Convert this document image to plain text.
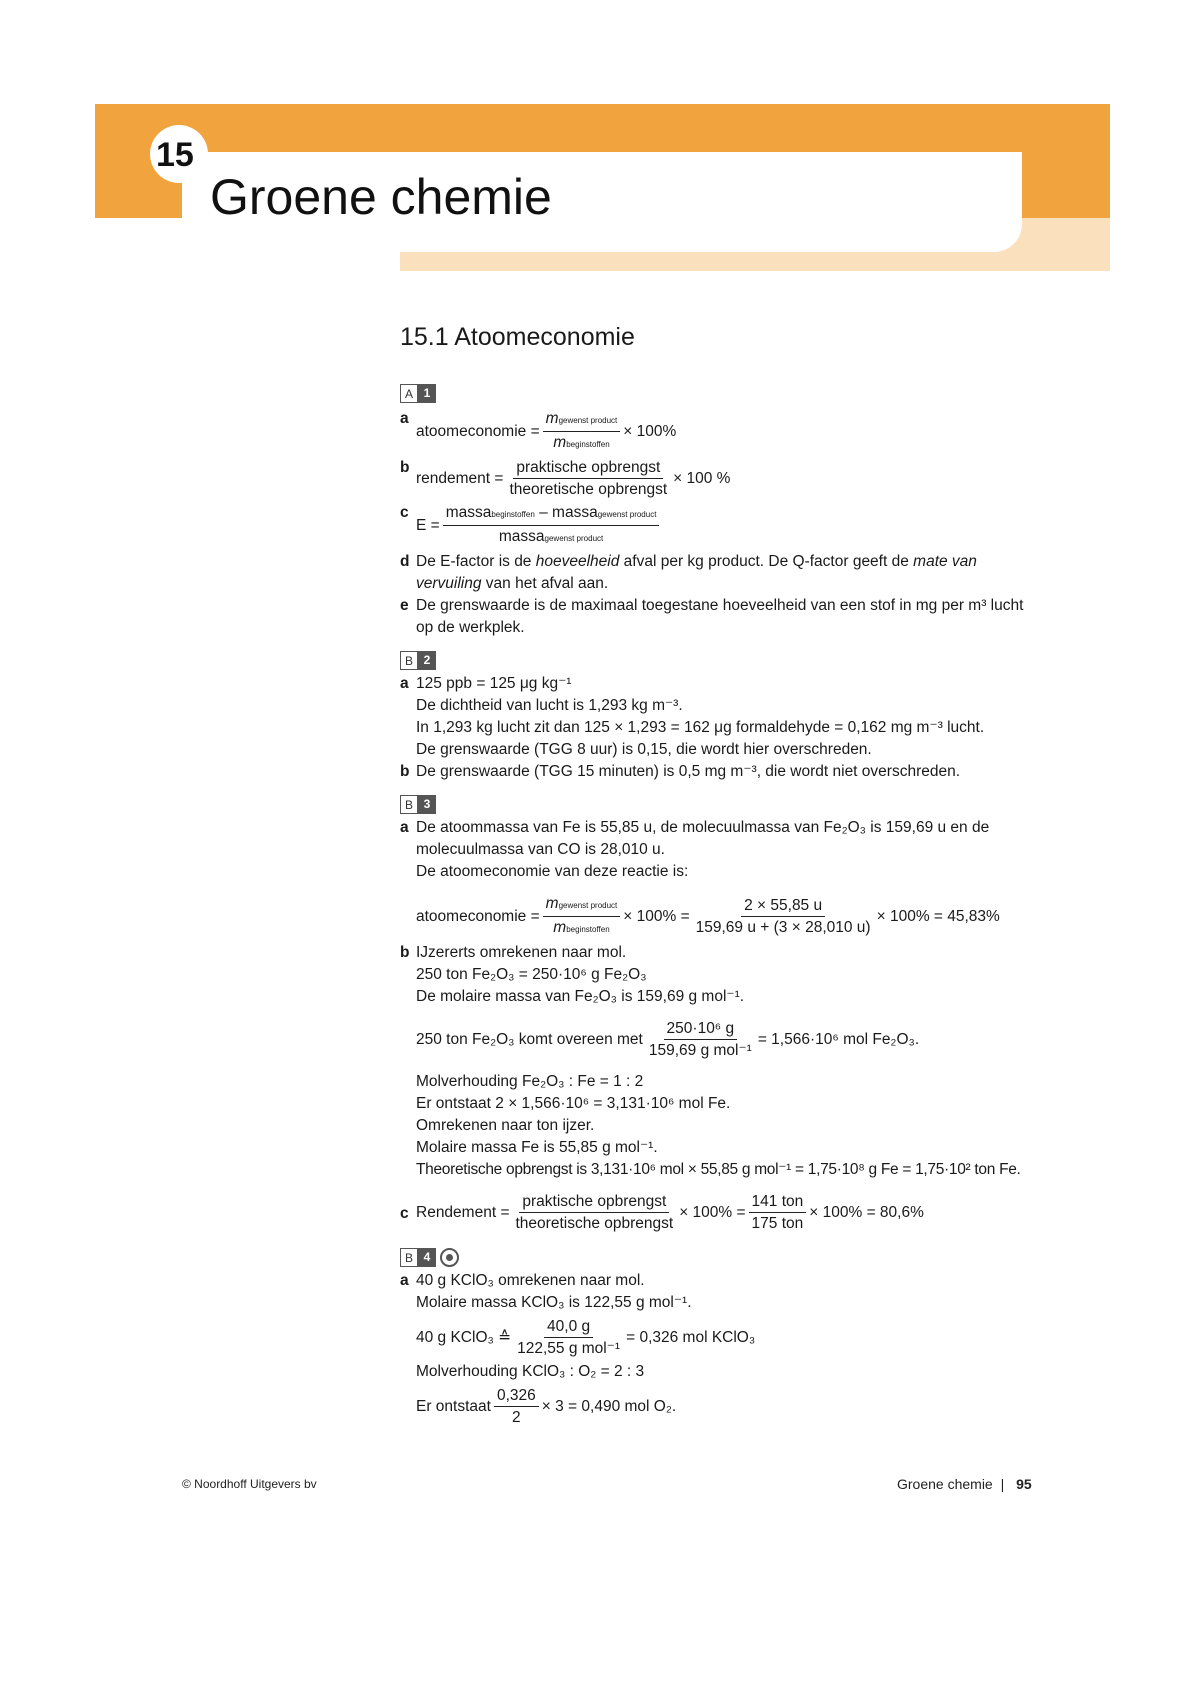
15
Groene chemie
15.1 Atoomeconomie
A 1
a
atoomeconomie = $\frac{\text{mgewenst product}}{\text{mbeginstoffen}} \times 100\%$
b
rendement = $\frac{\text{praktische opbrengst}}{\text{theoretische opbrengst}} \times 100$ %
c
$E = \frac{\text{massabeginstoffen – massagewenst product}}{\text{massagewenst product}}$
d De E-factor is de hoeveelheid afval per kg product. De Q-factor geeft de mate van
vervuiling van het afval aan.
e De grenswaarde is de maximaal toegestane hoeveelheid van een stof in mg per m³ lucht
op de werkplek.
B 2
a 125 ppb = 125 μg kg⁻¹
De dichtheid van lucht is 1,293 kg m⁻³.
In 1,293 kg lucht zit dan 125 × 1,293 = 162 μg formaldehyde = 0,162 mg m⁻³ lucht.
De grenswaarde (TGG 8 uur) is 0,15, die wordt hier overschreden.
b De grenswaarde (TGG 15 minuten) is 0,5 mg m⁻³, die wordt niet overschreden.
B 3
a De atoommassa van Fe is 55,85 u, de molecuulmassa van Fe₂O₃ is 159,69 u en de
molecuulmassa van CO is 28,010 u.
De atoomeconomie van deze reactie is:
atoomeconomie = $\frac{\text{mgewenst product}}{\text{mbeginstoffen}} \times 100\% = \frac{2 \times 55,85 u}{159,69 u + (3 \times 28,010 u)} \times 100\% = 45,83\%$
b IJzererts omrekenen naar mol.
250 ton Fe₂O₃ = 250·10⁶ g Fe₂O₃
De molaire massa van Fe₂O₃ is 159,69 g mol⁻¹.
250 ton Fe₂O₃ komt overeen met $\frac{\text{250·10⁶ g}}{\text{159,69 g mol⁻¹}} = 1,566\cdot 10^6$ mol Fe₂O₃.
Molverhouding Fe₂O₃ : Fe = 1 : 2
Er ontstaat 2 × 1,566·10⁶ = 3,131·10⁶ mol Fe.
Omrekenen naar ton ijzer.
Molaire massa Fe is 55,85 g mol⁻¹.
Theoretische opbrengst is 3,131·10⁶ mol × 55,85 g mol⁻¹ = 1,75·10⁸ g Fe = 1,75·10² ton Fe.
c Rendement = $\frac{\text{praktische opbrengst}}{\text{theoretische opbrengst}} \times 100\% = \frac{\text{141 ton}}{\text{175 ton}} \times 100\% = 80,6\%$
B 4
a 40 g KClO₃ omrekenen naar mol.
Molaire massa KClO₃ is 122,55 g mol⁻¹.
40 g KClO₃ ≙ $\frac{40,0 g}{\text{122,55 g mol⁻¹}} = 0,326$ mol KClO₃
Molverhouding KClO₃ : O₂ = 2 : 3
Er ontstaat $\frac{0,326}{2} \times 3 = 0,490$ mol O₂.
© Noordhoff Uitgevers bv	Groene chemie | 95
